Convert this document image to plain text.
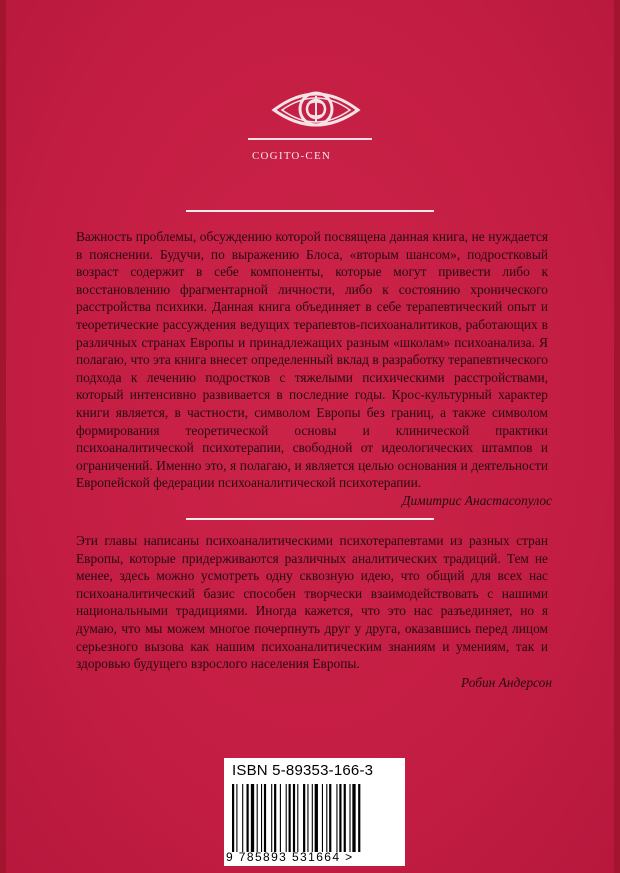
COGITO-CEN

Важность проблемы, обсуждению которой посвящена данная книга, не нуждается в пояснении. Будучи, по выражению Блоса, «вторым шансом», подростковый возраст содержит в себе компоненты, которые могут привести либо к восстановлению фрагментарной личности, либо к состоянию хронического расстройства психики. Данная книга объединяет в себе терапевтический опыт и теоретические рассуждения ведущих терапевтов-психоаналитиков, работающих в различных странах Европы и принадлежащих разным «школам» психоанализа. Я полагаю, что эта книга внесет определенный вклад в разработку терапевтического подхода к лечению подростков с тяжелыми психическими расстройствами, который интенсивно развивается в последние годы. Крос-культурный характер книги является, в частности, символом Европы без границ, а также символом формирования теоретической основы и клинической практики психоаналитической психотерапии, свободной от идеологических штампов и ограничений. Именно это, я полагаю, и является целью основания и деятельности Европейской федерации психоаналитической психотерапии.

Димитрис Анастасопулос

Эти главы написаны психоаналитическими психотерапевтами из разных стран Европы, которые придерживаются различных аналитических традиций. Тем не менее, здесь можно усмотреть одну сквозную идею, что общий для всех нас психоаналитический базис способен творчески взаимодействовать с нашими национальными традициями. Иногда кажется, что это нас разъединяет, но я думаю, что мы можем многое почерпнуть друг у друга, оказавшись перед лицом серьезного вызова как нашим психоаналитическим знаниям и умениям, так и здоровью будущего взрослого населения Европы.

Робин Андерсон
ISBN 5-89353-166-3
9 785893 531664 >
